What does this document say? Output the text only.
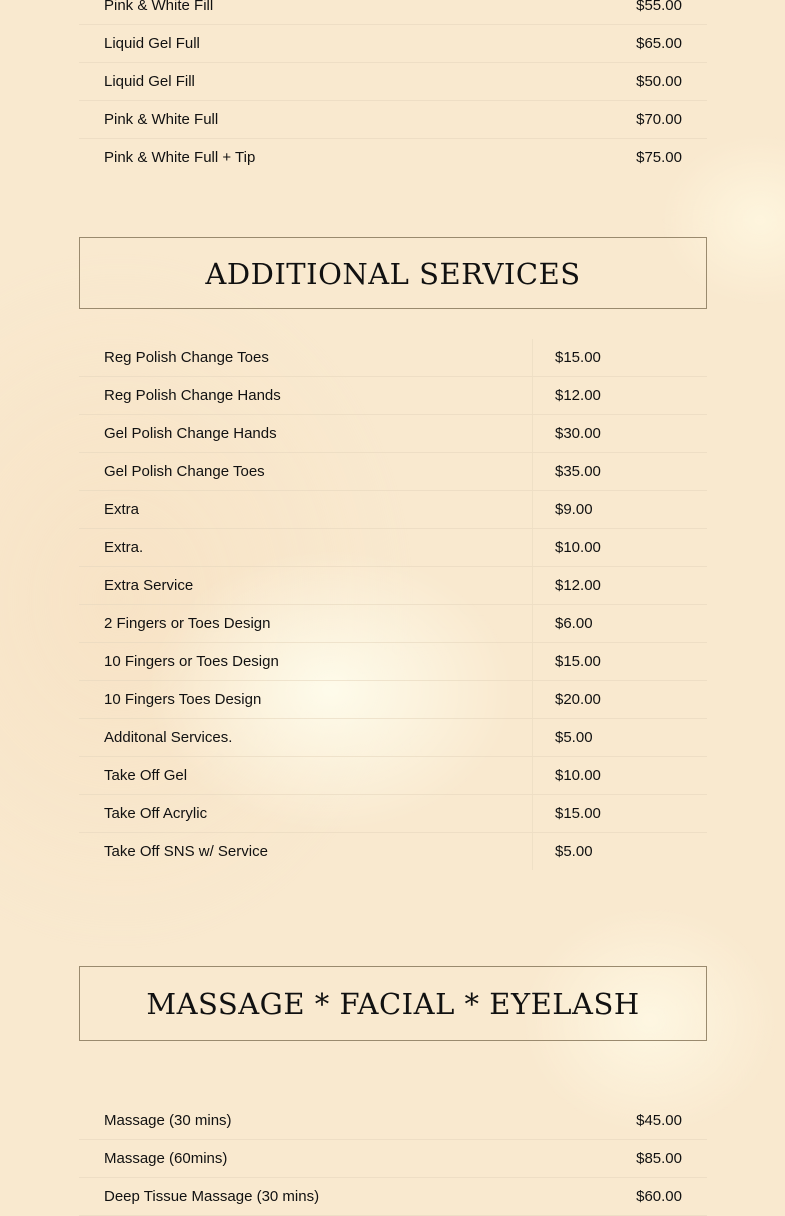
Pink & White Fill	$55.00
Liquid Gel Full	$65.00
Liquid Gel Fill	$50.00
Pink & White Full	$70.00
Pink & White Full + Tip	$75.00
ADDITIONAL SERVICES
Reg Polish Change Toes	$15.00
Reg Polish Change Hands	$12.00
Gel Polish Change Hands	$30.00
Gel Polish Change Toes	$35.00
Extra	$9.00
Extra.	$10.00
Extra Service	$12.00
2 Fingers or Toes Design	$6.00
10 Fingers or Toes Design	$15.00
10 Fingers Toes Design	$20.00
Additonal Services.	$5.00
Take Off Gel	$10.00
Take Off Acrylic	$15.00
Take Off SNS w/ Service	$5.00
MASSAGE * FACIAL * EYELASH
Massage (30 mins)	$45.00
Massage (60mins)	$85.00
Deep Tissue Massage (30 mins)	$60.00
